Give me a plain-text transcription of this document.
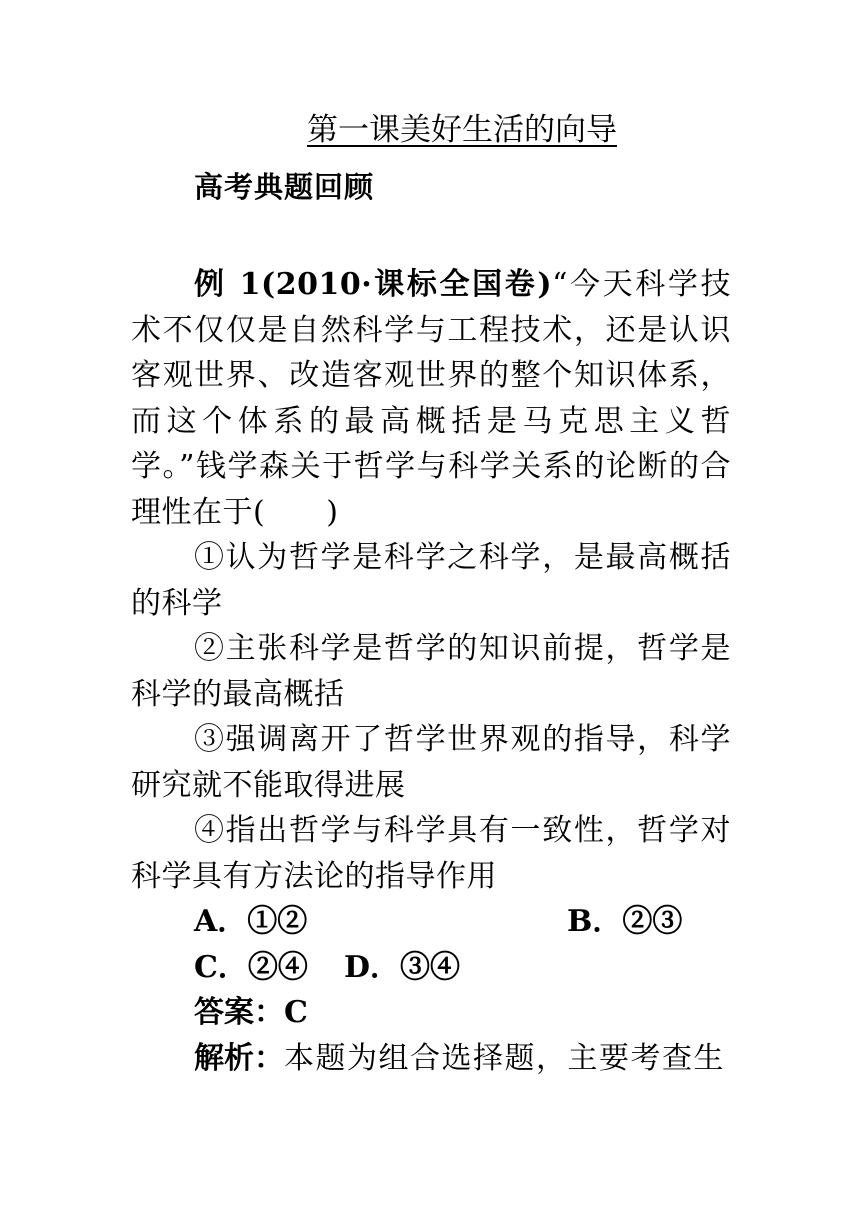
第一课美好生活的向导
高考典题回顾

例 1(2010·课标全国卷)“今天科学技术不仅仅是自然科学与工程技术，还是认识客观世界、改造客观世界的整个知识体系，而这个体系的最高概括是马克思主义哲学。”钱学森关于哲学与科学关系的论断的合理性在于(　　)

①认为哲学是科学之科学，是最高概括的科学

②主张科学是哲学的知识前提，哲学是科学的最高概括

③强调离开了哲学世界观的指导，科学研究就不能取得进展

④指出哲学与科学具有一致性，哲学对科学具有方法论的指导作用

A．①②	B．②③
C．②④ D．③④
答案：C
解析：本题为组合选择题，主要考查生
